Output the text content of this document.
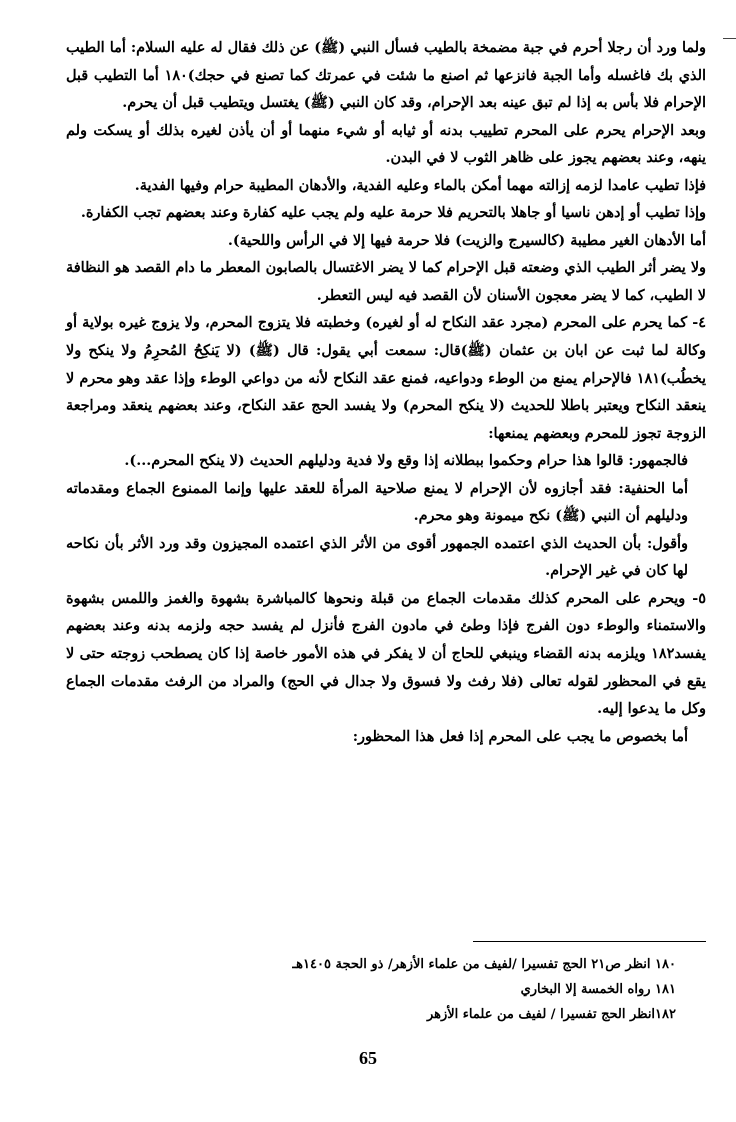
ولما ورد أن رجلا أحرم في جبة مضمخة بالطيب فسأل النبي (ﷺ) عن ذلك فقال له عليه السلام: أما الطيب الذي بك فاغسله وأما الجبة فانزعها ثم اصنع ما شئت في عمرتك كما تصنع في حجك)١٨٠ أما التطيب قبل الإحرام فلا بأس به إذا لم تبق عينه بعد الإحرام، وقد كان النبي (ﷺ) يغتسل ويتطيب قبل أن يحرم.

وبعد الإحرام يحرم على المحرم تطييب بدنه أو ثيابه أو شيء منهما أو أن يأذن لغيره بذلك أو يسكت ولم ينهه، وعند بعضهم يجوز على ظاهر الثوب لا في البدن.

فإذا تطيب عامدا لزمه إزالته مهما أمكن بالماء وعليه الفدية، والأدهان المطيبة حرام وفيها الفدية.

وإذا تطيب أو إدهن ناسيا أو جاهلا بالتحريم فلا حرمة عليه ولم يجب عليه كفارة وعند بعضهم تجب الكفارة.

أما الأدهان الغير مطيبة (كالسيرج والزيت) فلا حرمة فيها إلا في الرأس واللحية).

ولا يضر أثر الطيب الذي وضعته قبل الإحرام كما لا يضر الاغتسال بالصابون المعطر ما دام القصد هو النظافة لا الطيب، كما لا يضر معجون الأسنان لأن القصد فيه ليس التعطر.

٤- كما يحرم على المحرم (مجرد عقد النكاح له أو لغيره) وخطبته فلا يتزوج المحرم، ولا يزوج غيره بولاية أو وكالة لما ثبت عن ابان بن عثمان (ﷺ)قال: سمعت أبي يقول: قال (ﷺ) (لا يَنكِحُ المُحرِمُ ولا ينكح ولا يخطُب)١٨١ فالإحرام يمنع من الوطء ودواعيه، فمنع عقد النكاح لأنه من دواعي الوطء وإذا عقد وهو محرم لا ينعقد النكاح ويعتبر باطلا للحديث (لا ينكح المحرم) ولا يفسد الحج عقد النكاح، وعند بعضهم ينعقد ومراجعة الزوجة تجوز للمحرم وبعضهم يمنعها:

فالجمهور: قالوا هذا حرام وحكموا ببطلانه إذا وقع ولا فدية ودليلهم الحديث (لا ينكح المحرم...).

أما الحنفية: فقد أجازوه لأن الإحرام لا يمنع صلاحية المرأة للعقد عليها وإنما الممنوع الجماع ومقدماته ودليلهم أن النبي (ﷺ) نكح ميمونة وهو محرم.

وأقول: بأن الحديث الذي اعتمده الجمهور أقوى من الأثر الذي اعتمده المجيزون وقد ورد الأثر بأن نكاحه لها كان في غير الإحرام.

٥- ويحرم على المحرم كذلك مقدمات الجماع من قبلة ونحوها كالمباشرة بشهوة والغمز واللمس بشهوة والاستمناء والوطء دون الفرج فإذا وطئ في مادون الفرج فأنزل لم يفسد حجه ولزمه بدنه وعند بعضهم يفسد١٨٢ ويلزمه بدنه القضاء وينبغي للحاج أن لا يفكر في هذه الأمور خاصة إذا كان يصطحب زوجته حتى لا يقع في المحظور لقوله تعالى (فلا رفث ولا فسوق ولا جدال في الحج) والمراد من الرفث مقدمات الجماع وكل ما يدعوا إليه.

أما بخصوص ما يجب على المحرم إذا فعل هذا المحظور:

١٨٠ انظر ص٢١ الحج تفسيرا /لفيف من علماء الأزهر/ ذو الحجة ١٤٠٥هـ

١٨١ رواه الخمسة إلا البخاري

١٨٢انظر الحج تفسيرا / لفيف من علماء الأزهر

65
